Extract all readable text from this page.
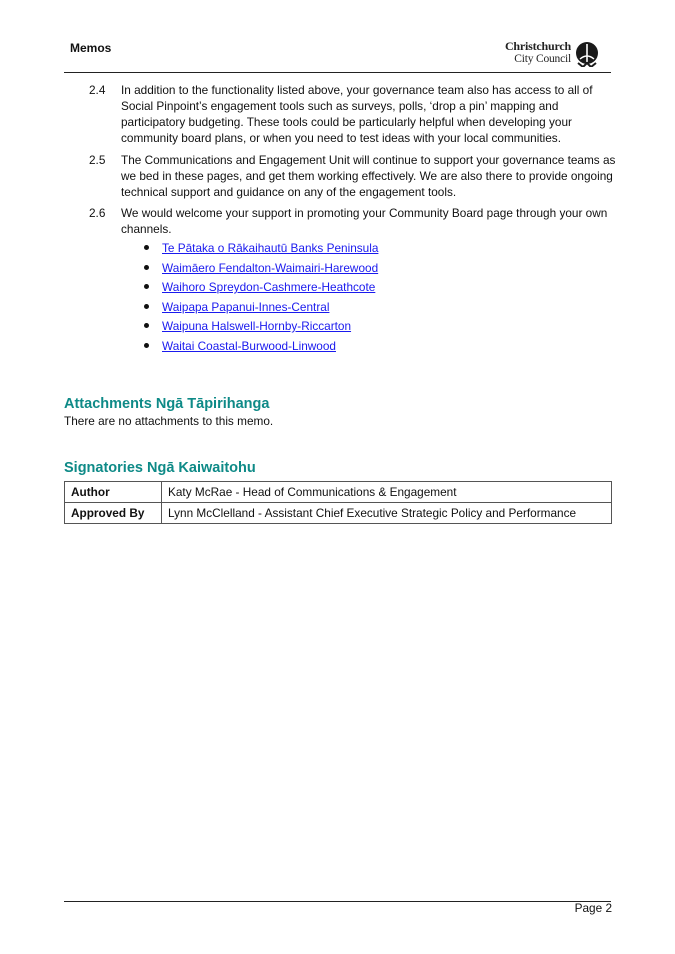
Memos	Christchurch
City Council
2.4 In addition to the functionality listed above, your governance team also has access to all of Social Pinpoint’s engagement tools such as surveys, polls, ‘drop a pin’ mapping and participatory budgeting. These tools could be particularly helpful when developing your community board plans, or when you need to test ideas with your local communities.
2.5 The Communications and Engagement Unit will continue to support your governance teams as we bed in these pages, and get them working effectively. We are also there to provide ongoing technical support and guidance on any of the engagement tools.
2.6 We would welcome your support in promoting your Community Board page through your own channels.
Te Pātaka o Rākaihautū Banks Peninsula
Waimāero Fendalton-Waimairi-Harewood
Waihoro Spreydon-Cashmere-Heathcote
Waipapa Papanui-Innes-Central
Waipuna Halswell-Hornby-Riccarton
Waitai Coastal-Burwood-Linwood
Attachments Ngā Tāpirihanga
There are no attachments to this memo.
Signatories Ngā Kaiwaitohu
Author	Katy McRae - Head of Communications & Engagement
Approved By	Lynn McClelland - Assistant Chief Executive Strategic Policy and Performance
Page 2
